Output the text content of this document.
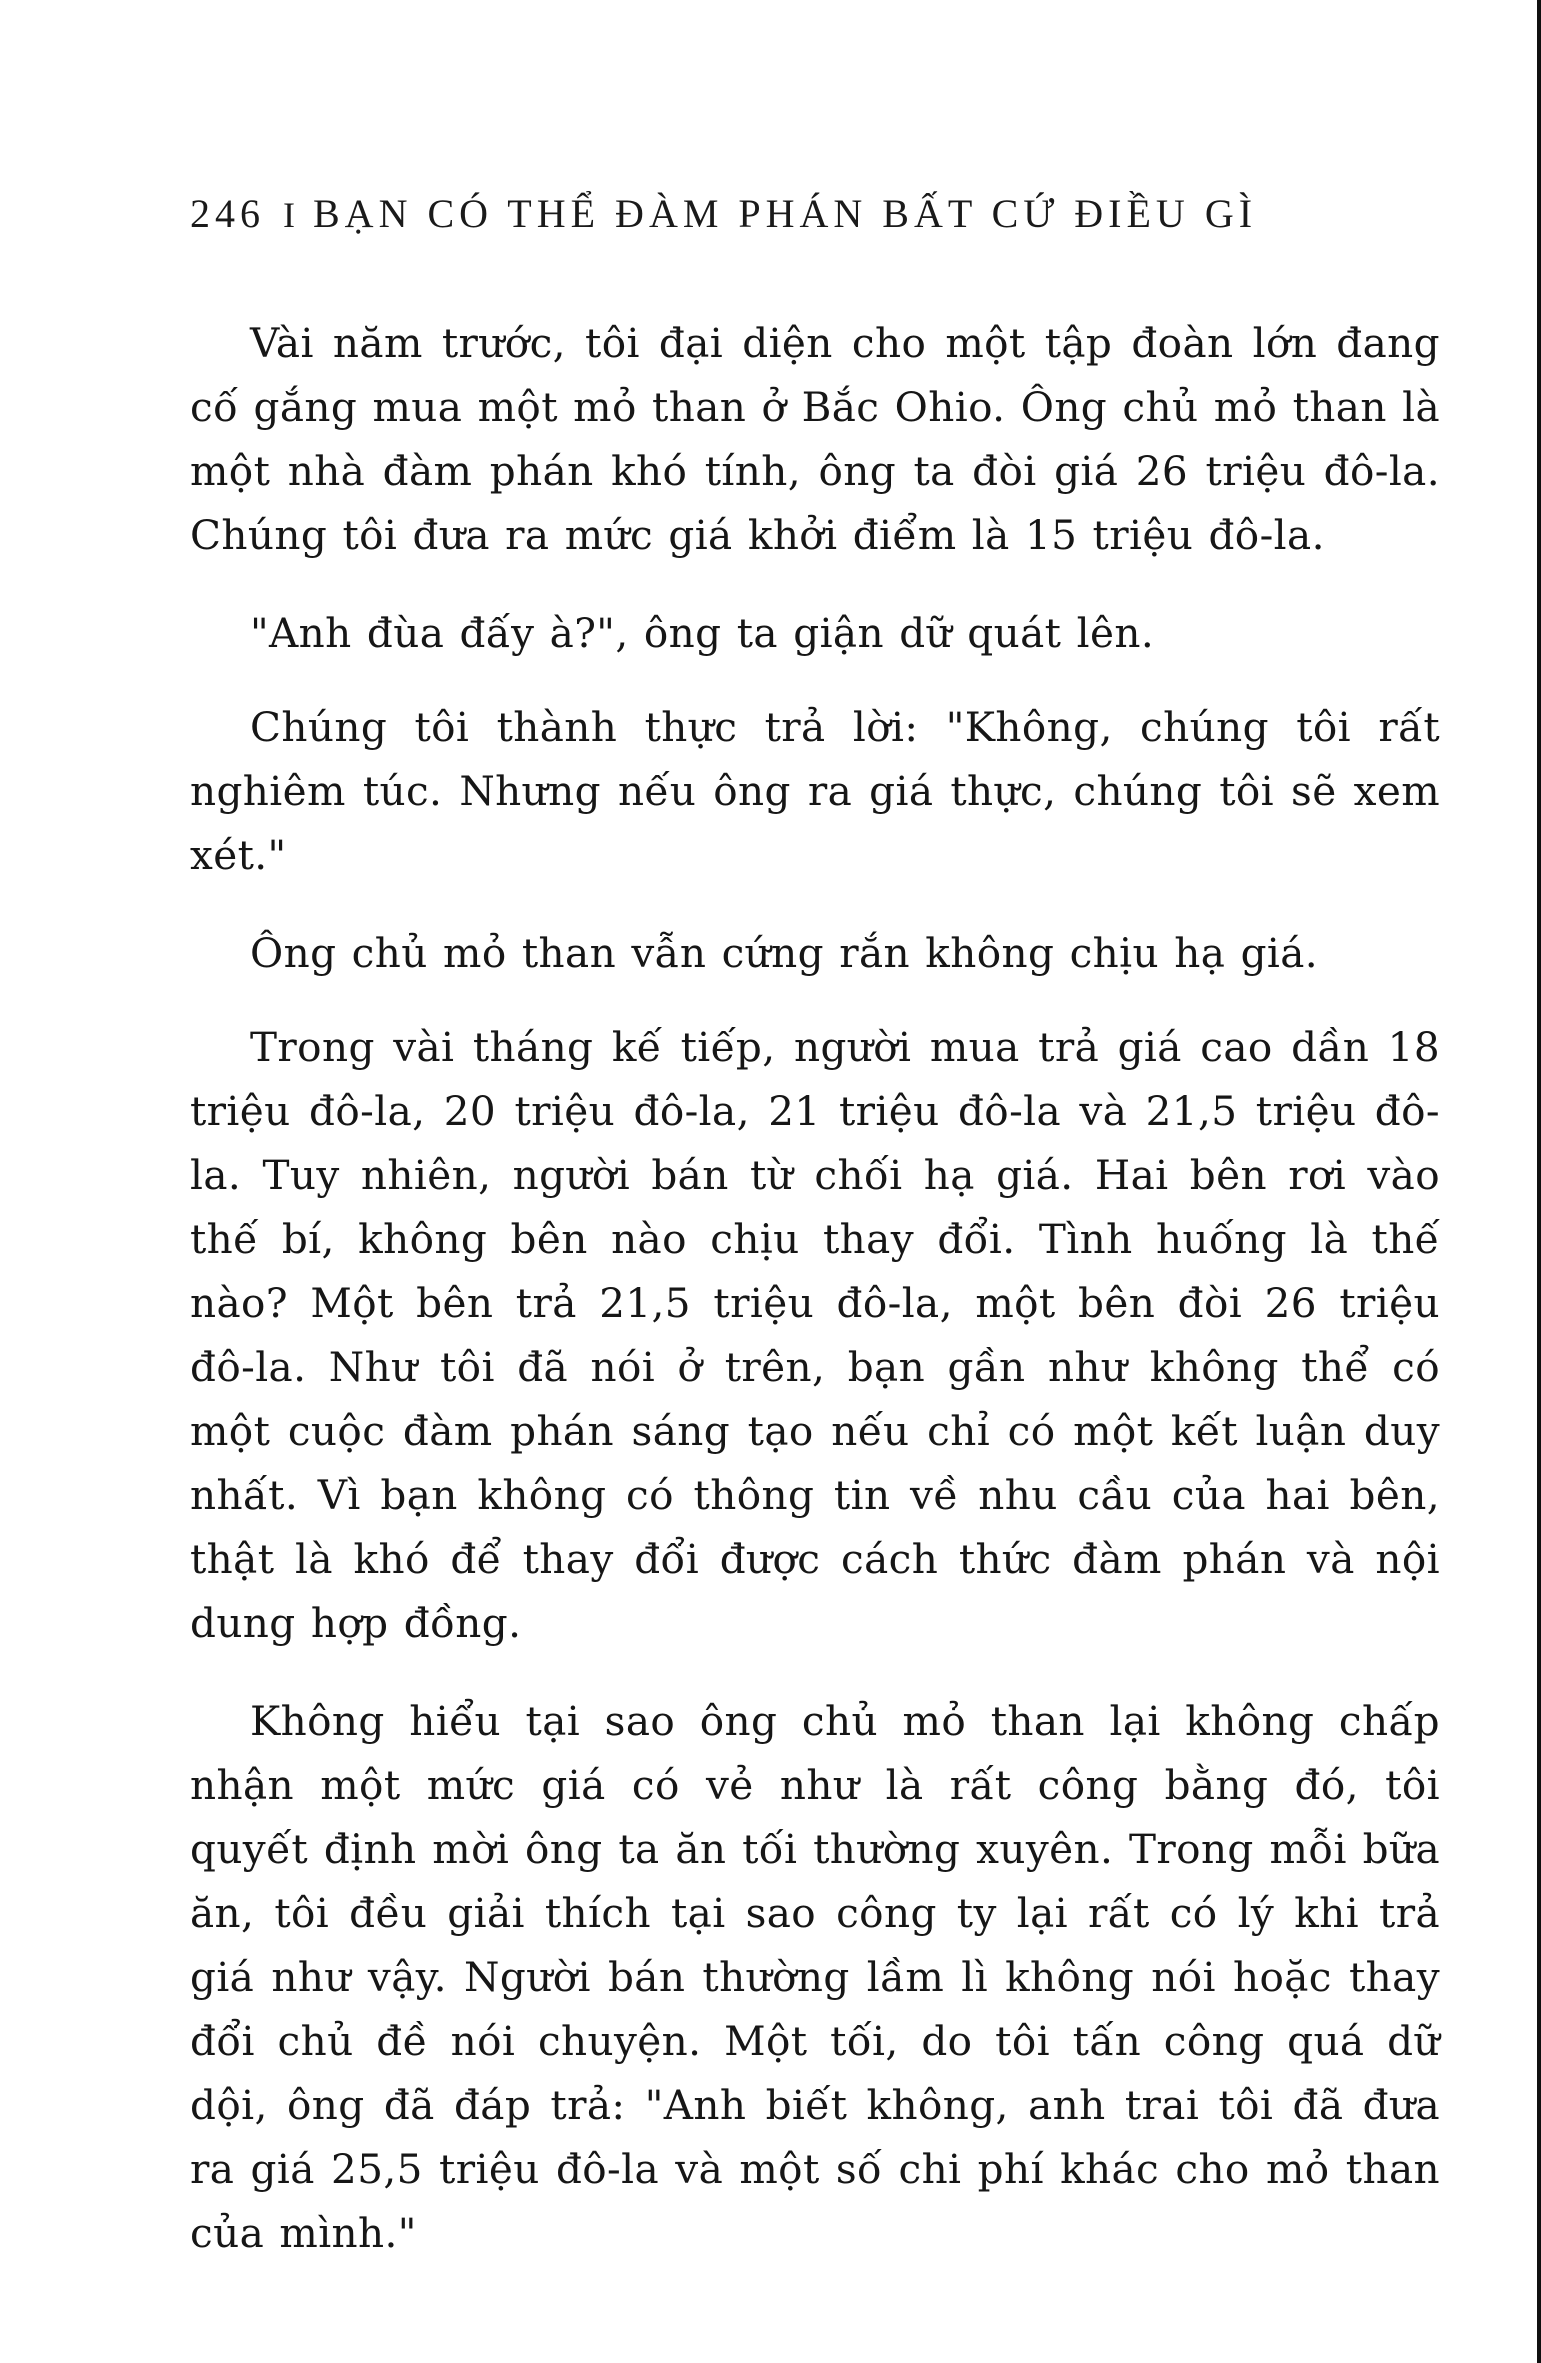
246 I BẠN CÓ THỂ ĐÀM PHÁN BẤT CỨ ĐIỀU GÌ

Vài năm trước, tôi đại diện cho một tập đoàn lớn đang cố gắng mua một mỏ than ở Bắc Ohio. Ông chủ mỏ than là một nhà đàm phán khó tính, ông ta đòi giá 26 triệu đô-la. Chúng tôi đưa ra mức giá khởi điểm là 15 triệu đô-la.

"Anh đùa đấy à?", ông ta giận dữ quát lên.

Chúng tôi thành thực trả lời: "Không, chúng tôi rất nghiêm túc. Nhưng nếu ông ra giá thực, chúng tôi sẽ xem xét."

Ông chủ mỏ than vẫn cứng rắn không chịu hạ giá.

Trong vài tháng kế tiếp, người mua trả giá cao dần 18 triệu đô-la, 20 triệu đô-la, 21 triệu đô-la và 21,5 triệu đô-la. Tuy nhiên, người bán từ chối hạ giá. Hai bên rơi vào thế bí, không bên nào chịu thay đổi. Tình huống là thế nào? Một bên trả 21,5 triệu đô-la, một bên đòi 26 triệu đô-la. Như tôi đã nói ở trên, bạn gần như không thể có một cuộc đàm phán sáng tạo nếu chỉ có một kết luận duy nhất. Vì bạn không có thông tin về nhu cầu của hai bên, thật là khó để thay đổi được cách thức đàm phán và nội dung hợp đồng.

Không hiểu tại sao ông chủ mỏ than lại không chấp nhận một mức giá có vẻ như là rất công bằng đó, tôi quyết định mời ông ta ăn tối thường xuyên. Trong mỗi bữa ăn, tôi đều giải thích tại sao công ty lại rất có lý khi trả giá như vậy. Người bán thường lầm lì không nói hoặc thay đổi chủ đề nói chuyện. Một tối, do tôi tấn công quá dữ dội, ông đã đáp trả: "Anh biết không, anh trai tôi đã đưa ra giá 25,5 triệu đô-la và một số chi phí khác cho mỏ than của mình."
